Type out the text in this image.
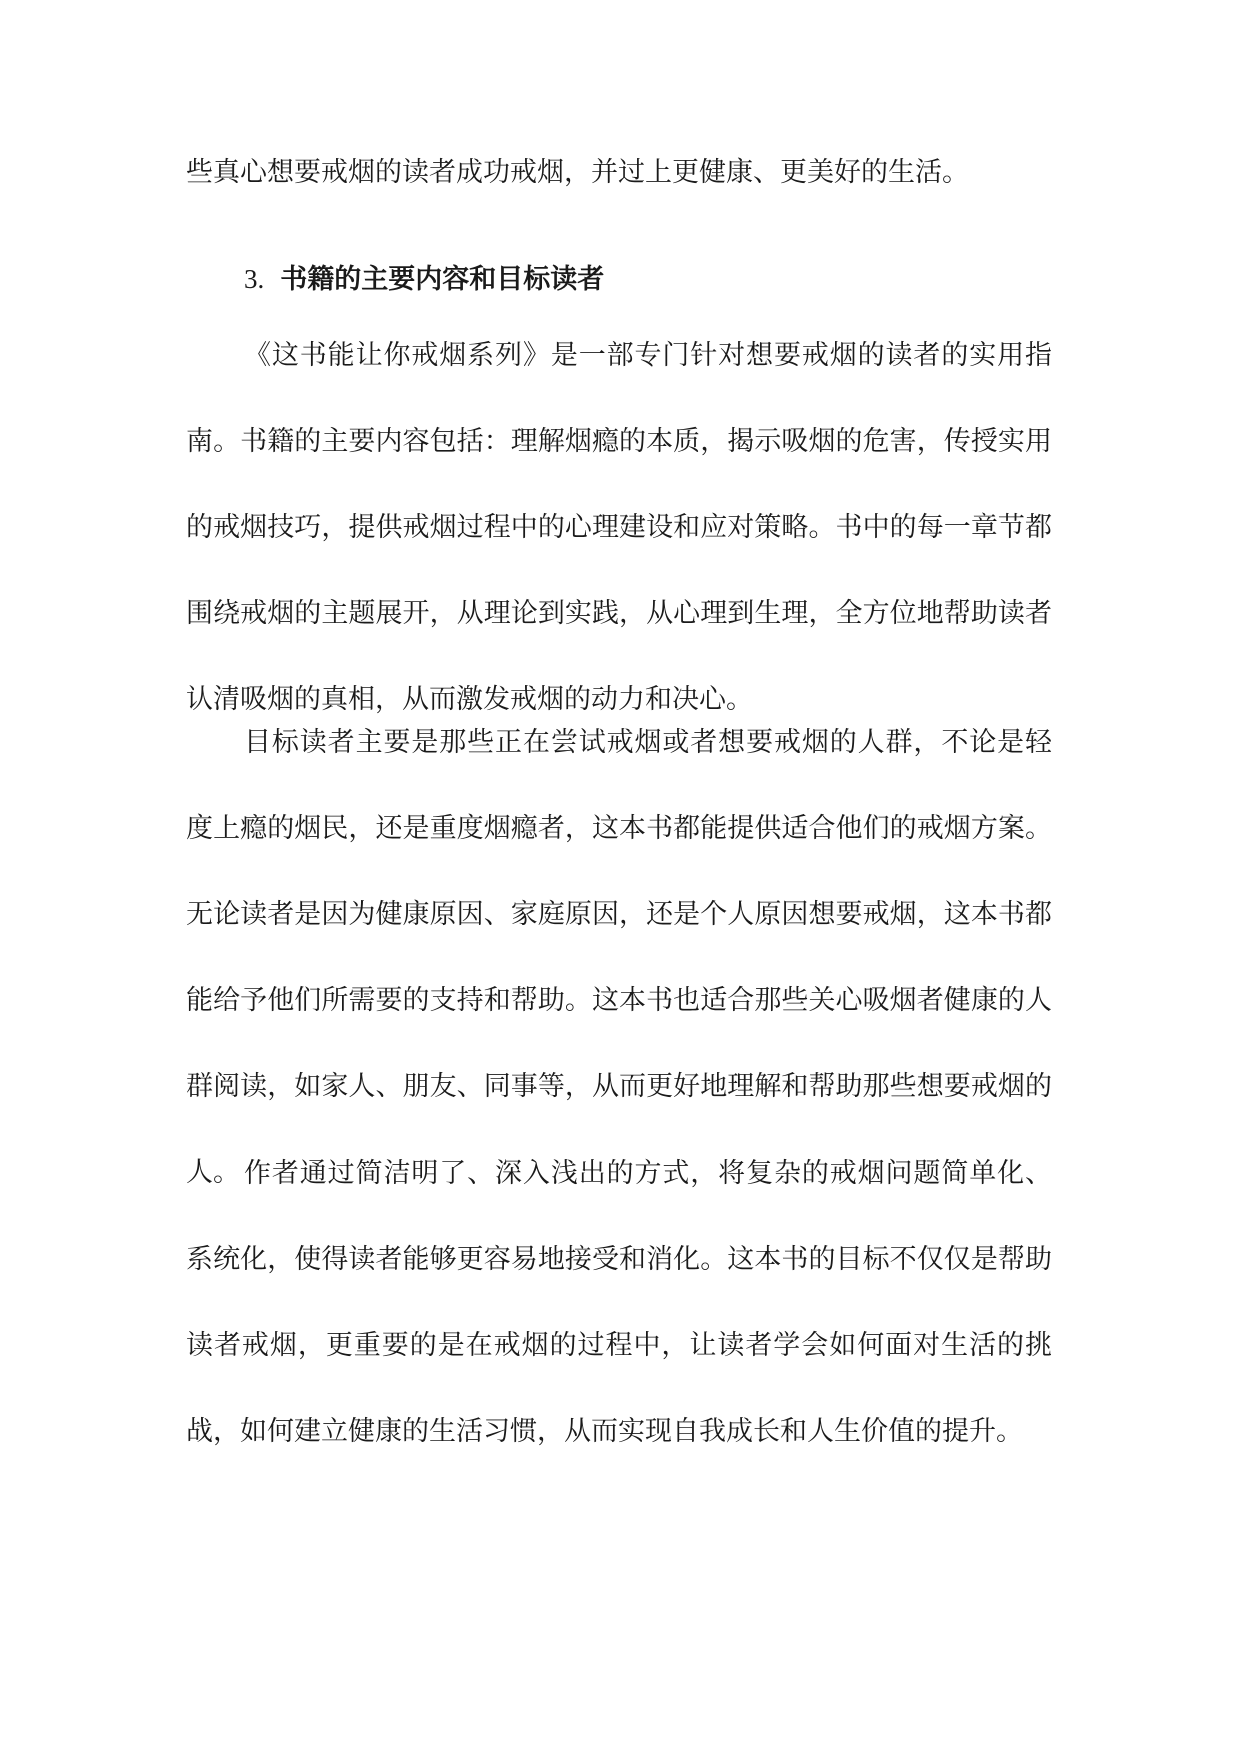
些真心想要戒烟的读者成功戒烟，并过上更健康、更美好的生活。

3. 书籍的主要内容和目标读者

《这书能让你戒烟系列》是一部专门针对想要戒烟的读者的实用指南。书籍的主要内容包括：理解烟瘾的本质，揭示吸烟的危害，传授实用的戒烟技巧，提供戒烟过程中的心理建设和应对策略。书中的每一章节都围绕戒烟的主题展开，从理论到实践，从心理到生理，全方位地帮助读者认清吸烟的真相，从而激发戒烟的动力和决心。

目标读者主要是那些正在尝试戒烟或者想要戒烟的人群，不论是轻度上瘾的烟民，还是重度烟瘾者，这本书都能提供适合他们的戒烟方案。无论读者是因为健康原因、家庭原因，还是个人原因想要戒烟，这本书都能给予他们所需要的支持和帮助。这本书也适合那些关心吸烟者健康的人群阅读，如家人、朋友、同事等，从而更好地理解和帮助那些想要戒烟的人。 作者通过简洁明了、深入浅出的方式，将复杂的戒烟问题简单化、系统化，使得读者能够更容易地接受和消化。这本书的目标不仅仅是帮助读者戒烟，更重要的是在戒烟的过程中，让读者学会如何面对生活的挑战，如何建立健康的生活习惯，从而实现自我成长和人生价值的提升。
